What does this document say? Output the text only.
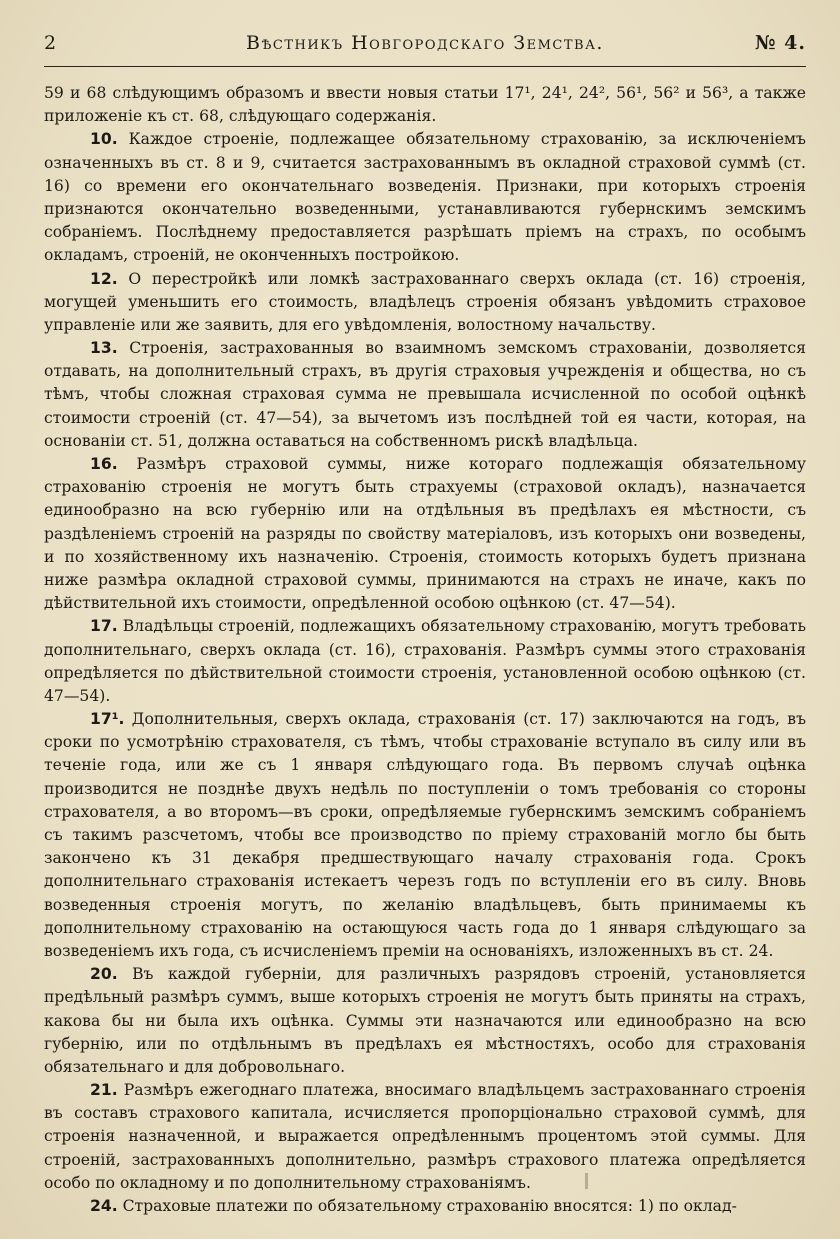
2	Вѣстникъ Новгородскаго Земства.	№ 4.

59 и 68 слѣдующимъ образомъ и ввести новыя статьи 17¹, 24¹, 24², 56¹, 56² и 56³, а также приложеніе къ ст. 68, слѣдующаго содержанія.

10. Каждое строеніе, подлежащее обязательному страхованію, за исключеніемъ означенныхъ въ ст. 8 и 9, считается застрахованнымъ въ окладной страховой суммѣ (ст. 16) со времени его окончательнаго возведенія. Признаки, при которыхъ строенія признаются окончательно возведенными, устанавливаются губернскимъ земскимъ собраніемъ. Послѣднему предоставляется разрѣшать пріемъ на страхъ, по особымъ окладамъ, строеній, не оконченныхъ постройкою.

12. О перестройкѣ или ломкѣ застрахованнаго сверхъ оклада (ст. 16) строенія, могущей уменьшить его стоимость, владѣлецъ строенія обязанъ увѣдомить страховое управленіе или же заявить, для его увѣдомленія, волостному начальству.

13. Строенія, застрахованныя во взаимномъ земскомъ страхованіи, дозволяется отдавать, на дополнительный страхъ, въ другія страховыя учрежденія и общества, но съ тѣмъ, чтобы сложная страховая сумма не превышала исчисленной по особой оцѣнкѣ стоимости строеній (ст. 47—54), за вычетомъ изъ послѣдней той ея части, которая, на основаніи ст. 51, должна оставаться на собственномъ рискѣ владѣльца.

16. Размѣръ страховой суммы, ниже котораго подлежащія обязательному страхованію строенія не могутъ быть страхуемы (страховой окладъ), назначается единообразно на всю губернію или на отдѣльныя въ предѣлахъ ея мѣстности, съ раздѣленіемъ строеній на разряды по свойству матеріаловъ, изъ которыхъ они возведены, и по хозяйственному ихъ назначенію. Строенія, стоимость которыхъ будетъ признана ниже размѣра окладной страховой суммы, принимаются на страхъ не иначе, какъ по дѣйствительной ихъ стоимости, опредѣленной особою оцѣнкою (ст. 47—54).

17. Владѣльцы строеній, подлежащихъ обязательному страхованію, могутъ требовать дополнительнаго, сверхъ оклада (ст. 16), страхованія. Размѣръ суммы этого страхованія опредѣляется по дѣйствительной стоимости строенія, установленной особою оцѣнкою (ст. 47—54).

17¹. Дополнительныя, сверхъ оклада, страхованія (ст. 17) заключаются на годъ, въ сроки по усмотрѣнію страхователя, съ тѣмъ, чтобы страхованіе вступало въ силу или въ теченіе года, или же съ 1 января слѣдующаго года. Въ первомъ случаѣ оцѣнка производится не позднѣе двухъ недѣль по поступленіи о томъ требованія со стороны страхователя, а во второмъ—въ сроки, опредѣляемые губернскимъ земскимъ собраніемъ съ такимъ разсчетомъ, чтобы все производство по пріему страхованій могло бы быть закончено къ 31 декабря предшествующаго началу страхованія года. Срокъ дополнительнаго страхованія истекаетъ черезъ годъ по вступленіи его въ силу. Вновь возведенныя строенія могутъ, по желанію владѣльцевъ, быть принимаемы къ дополнительному страхованію на остающуюся часть года до 1 января слѣдующаго за возведеніемъ ихъ года, съ исчисленіемъ преміи на основаніяхъ, изложенныхъ въ ст. 24.

20. Въ каждой губерніи, для различныхъ разрядовъ строеній, установляется предѣльный размѣръ суммъ, выше которыхъ строенія не могутъ быть приняты на страхъ, какова бы ни была ихъ оцѣнка. Суммы эти назначаются или единообразно на всю губернію, или по отдѣльнымъ въ предѣлахъ ея мѣстностяхъ, особо для страхованія обязательнаго и для добровольнаго.

21. Размѣръ ежегоднаго платежа, вносимаго владѣльцемъ застрахованнаго строенія въ составъ страхового капитала, исчисляется пропорціонально страховой суммѣ, для строенія назначенной, и выражается опредѣленнымъ процентомъ этой суммы. Для строеній, застрахованныхъ дополнительно, размѣръ страхового платежа опредѣляется особо по окладному и по дополнительному страхованіямъ.

24. Страховые платежи по обязательному страхованію вносятся: 1) по оклад-
